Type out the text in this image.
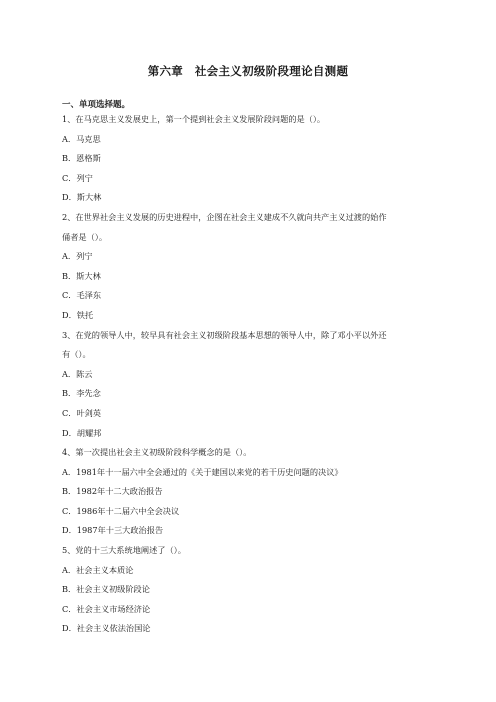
第六章　社会主义初级阶段理论自测题
一、单项选择题。
1、在马克思主义发展史上，第一个提到社会主义发展阶段问题的是（）。
A．马克思
B．恩格斯
C．列宁
D．斯大林
2、在世界社会主义发展的历史进程中，企图在社会主义建成不久就向共产主义过渡的始作
俑者是（）。
A．列宁
B．斯大林
C．毛泽东
D．铁托
3、在党的领导人中，较早具有社会主义初级阶段基本思想的领导人中，除了邓小平以外还
有（）。
A．陈云
B．李先念
C．叶剑英
D．胡耀邦
4、第一次提出社会主义初级阶段科学概念的是（）。
A．1981年十一届六中全会通过的《关于建国以来党的若干历史问题的决议》
B．1982年十二大政治报告
C．1986年十二届六中全会决议
D．1987年十三大政治报告
5、党的十三大系统地阐述了（）。
A．社会主义本质论
B．社会主义初级阶段论
C．社会主义市场经济论
D．社会主义依法治国论
